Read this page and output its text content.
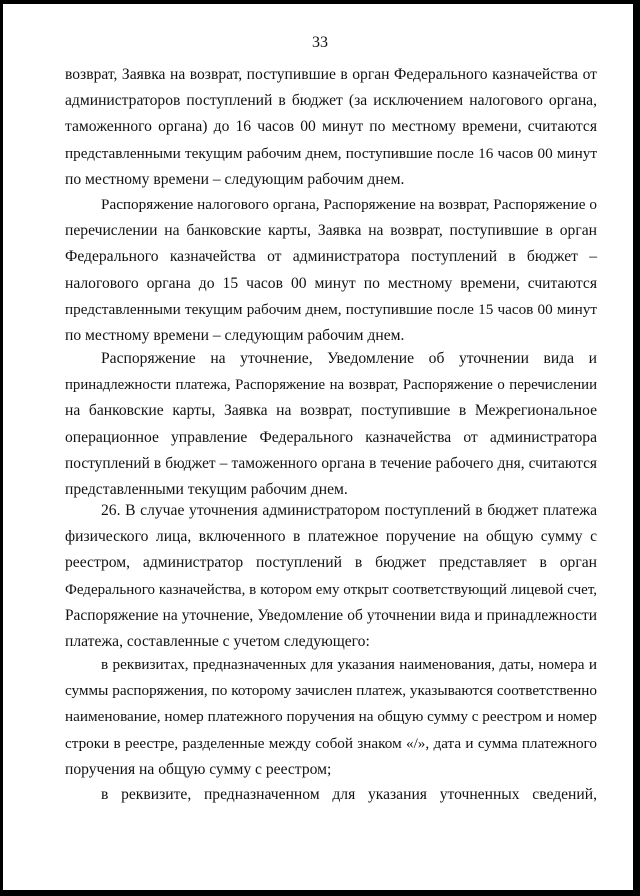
33
возврат, Заявка на возврат, поступившие в орган Федерального казначейства от
администраторов поступлений в бюджет (за исключением налогового органа,
таможенного органа) до 16 часов 00 минут по местному времени, считаются
представленными текущим рабочим днем, поступившие после 16 часов 00 минут
по местному времени – следующим рабочим днем.
Распоряжение налогового органа, Распоряжение на возврат, Распоряжение о
перечислении на банковские карты, Заявка на возврат, поступившие в орган
Федерального казначейства от администратора поступлений в бюджет –
налогового органа до 15 часов 00 минут по местному времени, считаются
представленными текущим рабочим днем, поступившие после 15 часов 00 минут
по местному времени – следующим рабочим днем.
Распоряжение на уточнение, Уведомление об уточнении вида и
принадлежности платежа, Распоряжение на возврат, Распоряжение о перечислении
на банковские карты, Заявка на возврат, поступившие в Межрегиональное
операционное управление Федерального казначейства от администратора
поступлений в бюджет – таможенного органа в течение рабочего дня, считаются
представленными текущим рабочим днем.
26. В случае уточнения администратором поступлений в бюджет платежа
физического лица, включенного в платежное поручение на общую сумму с
реестром, администратор поступлений в бюджет представляет в орган
Федерального казначейства, в котором ему открыт соответствующий лицевой счет,
Распоряжение на уточнение, Уведомление об уточнении вида и принадлежности
платежа, составленные с учетом следующего:
в реквизитах, предназначенных для указания наименования, даты, номера и
суммы распоряжения, по которому зачислен платеж, указываются соответственно
наименование, номер платежного поручения на общую сумму с реестром и номер
строки в реестре, разделенные между собой знаком «/», дата и сумма платежного
поручения на общую сумму с реестром;
в реквизите, предназначенном для указания уточненных сведений,
